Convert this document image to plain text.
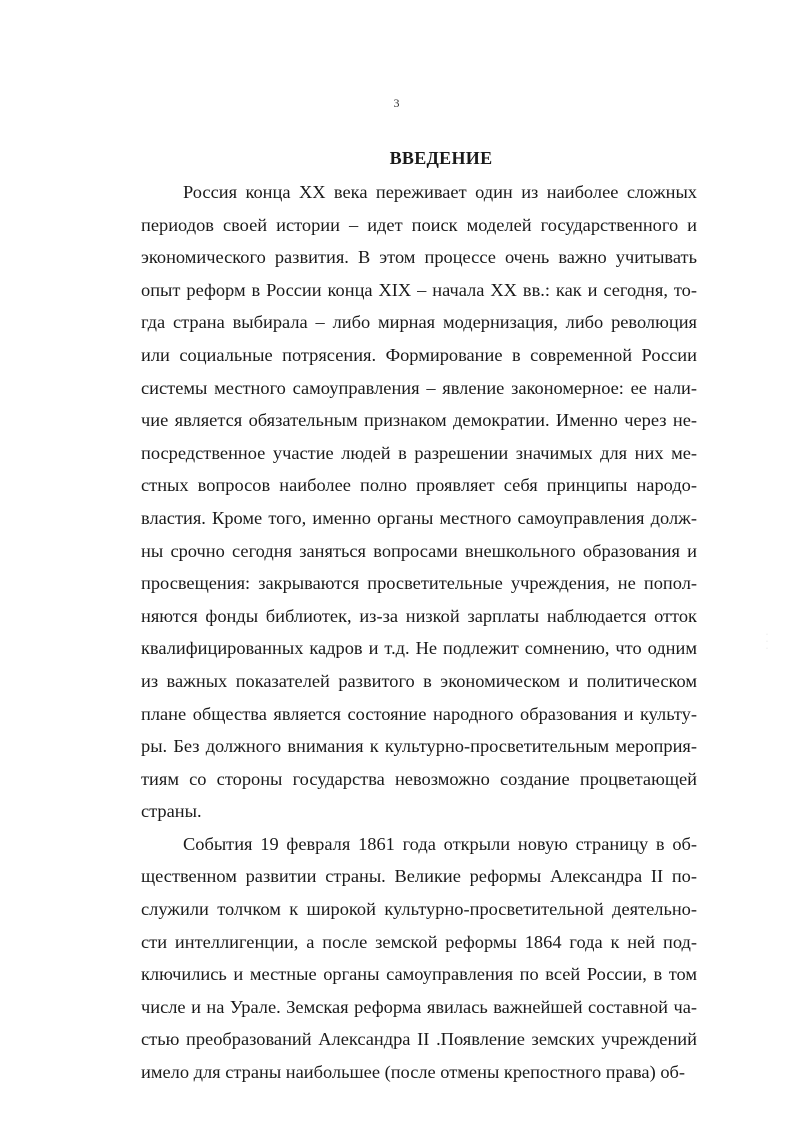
3
ВВЕДЕНИЕ
Россия конца XX века переживает один из наиболее сложных
периодов своей истории – идет поиск моделей государственного и
экономического развития. В этом процессе очень важно учитывать
опыт реформ в России конца XIX – начала XX вв.: как и сегодня, то-
гда страна выбирала – либо мирная модернизация, либо революция
или социальные потрясения. Формирование в современной России
системы местного самоуправления – явление закономерное: ее нали-
чие является обязательным признаком демократии. Именно через не-
посредственное участие людей в разрешении значимых для них ме-
стных вопросов наиболее полно проявляет себя принципы народо-
властия. Кроме того, именно органы местного самоуправления долж-
ны срочно сегодня заняться вопросами внешкольного образования и
просвещения: закрываются просветительные учреждения, не попол-
няются фонды библиотек, из-за низкой зарплаты наблюдается отток
квалифицированных кадров и т.д. Не подлежит сомнению, что одним
из важных показателей развитого в экономическом и политическом
плане общества является состояние народного образования и культу-
ры. Без должного внимания к культурно-просветительным мероприя-
тиям со стороны государства невозможно создание процветающей
страны.
События 19 февраля 1861 года открыли новую страницу в об-
щественном развитии страны. Великие реформы Александра II по-
служили толчком к широкой культурно-просветительной деятельно-
сти интеллигенции, а после земской реформы 1864 года к ней под-
ключились и местные органы самоуправления по всей России, в том
числе и на Урале. Земская реформа явилась важнейшей составной ча-
стью преобразований Александра II .Появление земских учреждений
имело для страны наибольшее (после отмены крепостного права) об-
·
·
·
